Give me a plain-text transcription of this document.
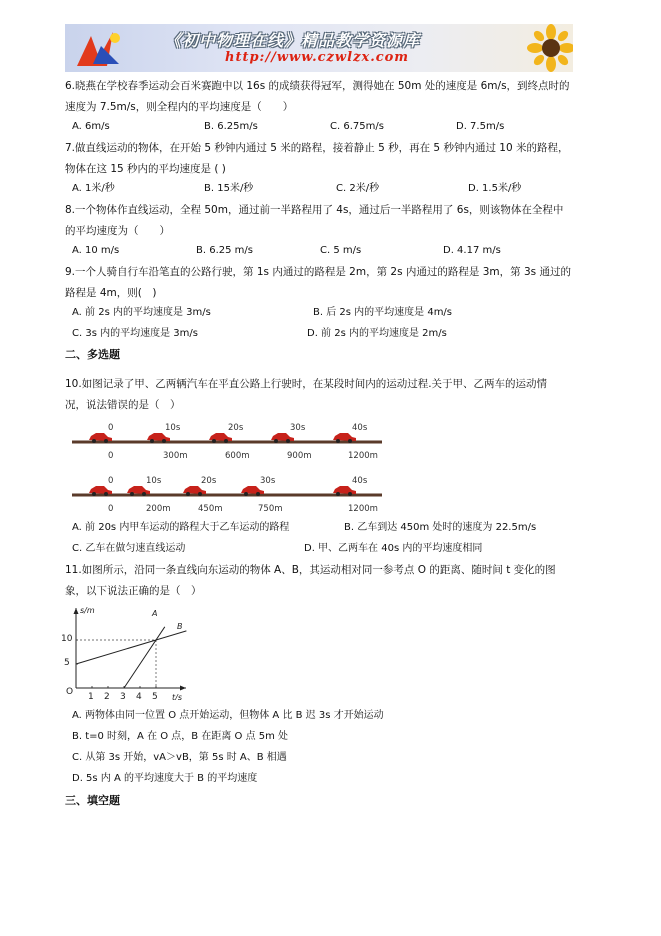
《初中物理在线》精品教学资源库
http://www.czwlzx.com
6.晓燕在学校春季运动会百米赛跑中以 16s 的成绩获得冠军，测得她在 50m 处的速度是 6m/s，到终点时的
速度为 7.5m/s，则全程内的平均速度是（　　）
A. 6m/s	B. 6.25m/s	C. 6.75m/s	D. 7.5m/s
7.做直线运动的物体，在开始 5 秒钟内通过 5 米的路程，接着静止 5 秒，再在 5 秒钟内通过 10 米的路程，
物体在这 15 秒内的平均速度是 ( )
A. 1米/秒	B. 15米/秒	C. 2米/秒	D. 1.5米/秒
8.一个物体作直线运动，全程 50m，通过前一半路程用了 4s，通过后一半路程用了 6s，则该物体在全程中
的平均速度为（　　）
A. 10 m/s	B. 6.25 m/s	C. 5 m/s	D. 4.17 m/s
9.一个人骑自行车沿笔直的公路行驶，第 1s 内通过的路程是 2m，第 2s 内通过的路程是 3m，第 3s 通过的
路程是 4m，则(　)
A. 前 2s 内的平均速度是 3m/s	B. 后 2s 内的平均速度是 4m/s
C. 3s 内的平均速度是 3m/s	D. 前 2s 内的平均速度是 2m/s
二、多选题
10.如图记录了甲、乙两辆汽车在平直公路上行驶时，在某段时间内的运动过程.关于甲、乙两车的运动情
况，说法错误的是（　）
0	10s	20s	30s	40s
0	300m	600m	900m	1200m
0	10s	20s	30s	40s
0	200m	450m	750m	1200m
A. 前 20s 内甲车运动的路程大于乙车运动的路程	B. 乙车到达 450m 处时的速度为 22.5m/s
C. 乙车在做匀速直线运动	D. 甲、乙两车在 40s 内的平均速度相同
11.如图所示，沿同一条直线向东运动的物体 A、B，其运动相对同一参考点 O 的距离、随时间 t 变化的图
象，以下说法正确的是（　）
s/m
t/s
O
5
10
1 2 3 4 5
A
B
A. 两物体由同一位置 O 点开始运动，但物体 A 比 B 迟 3s 才开始运动
B. t=0 时刻，A 在 O 点，B 在距离 O 点 5m 处
C. 从第 3s 开始，vA＞vB，第 5s 时 A、B 相遇
D. 5s 内 A 的平均速度大于 B 的平均速度
三、填空题
